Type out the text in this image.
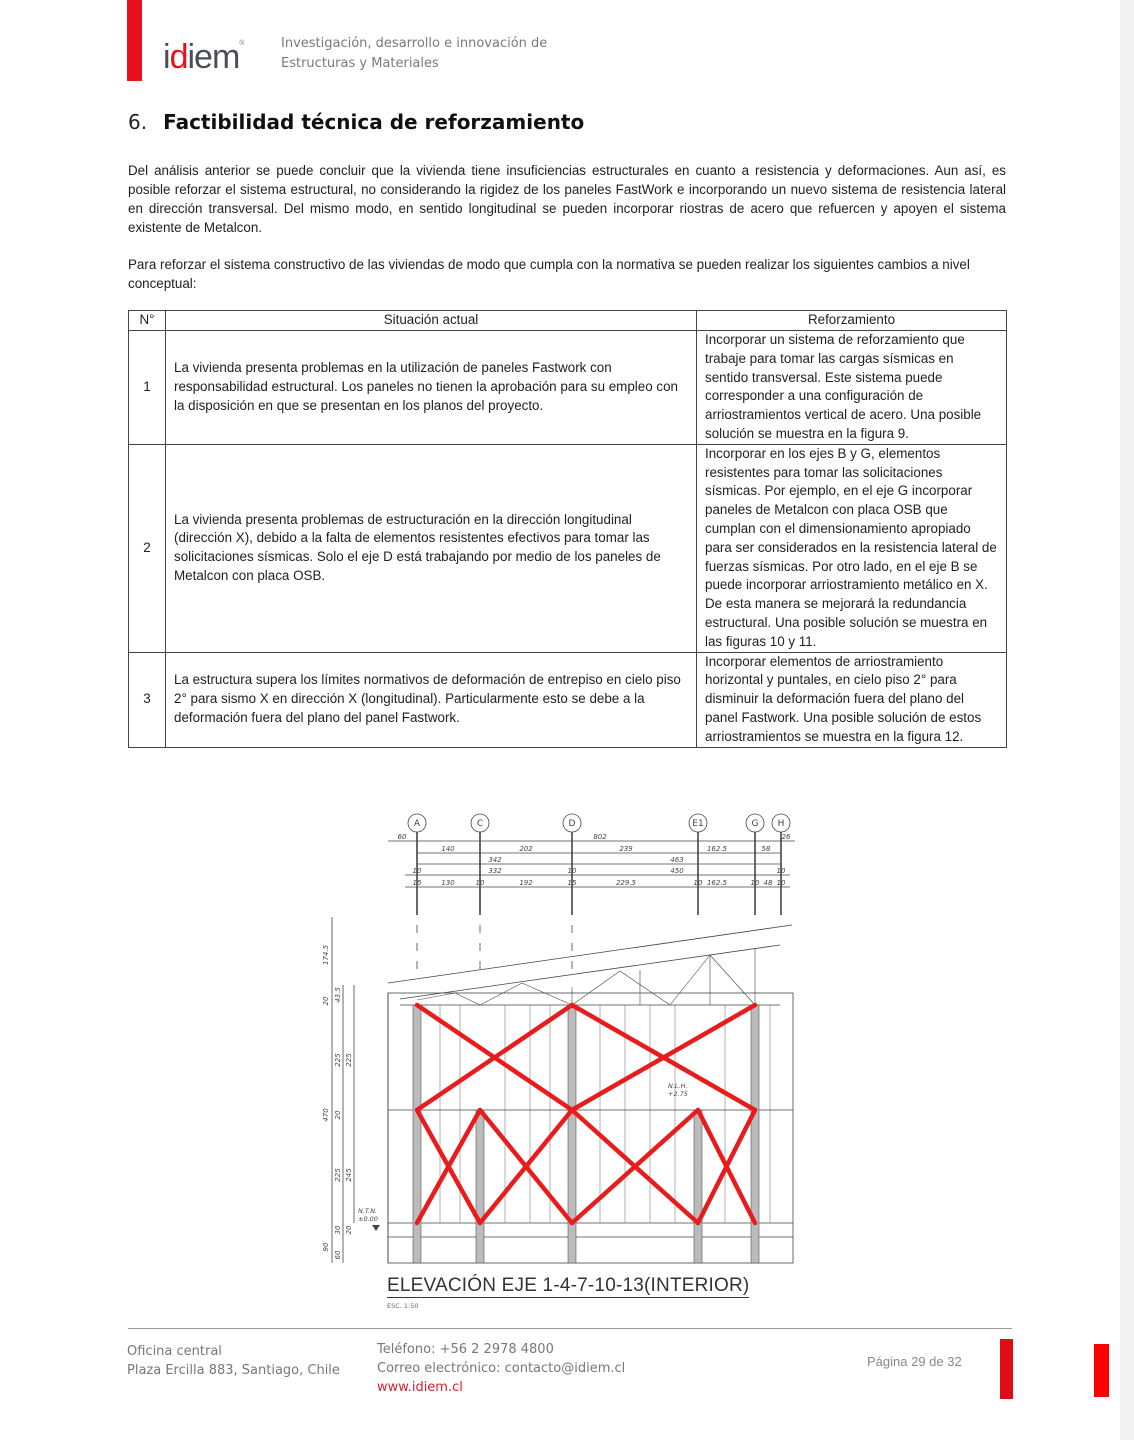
idiem®	Investigación, desarrollo e innovación de
Estructuras y Materiales
6. Factibilidad técnica de reforzamiento

Del análisis anterior se puede concluir que la vivienda tiene insuficiencias estructurales en cuanto a resistencia y deformaciones. Aun así, es posible reforzar el sistema estructural, no considerando la rigidez de los paneles FastWork e incorporando un nuevo sistema de resistencia lateral en dirección transversal. Del mismo modo, en sentido longitudinal se pueden incorporar riostras de acero que refuercen y apoyen el sistema existente de Metalcon.

Para reforzar el sistema constructivo de las viviendas de modo que cumpla con la normativa se pueden realizar los siguientes cambios a nivel conceptual:

N°	Situación actual	Reforzamiento
1	La vivienda presenta problemas en la utilización de paneles Fastwork con responsabilidad estructural. Los paneles no tienen la aprobación para su empleo con la disposición en que se presentan en los planos del proyecto.	Incorporar un sistema de reforzamiento que trabaje para tomar las cargas sísmicas en sentido transversal. Este sistema puede corresponder a una configuración de arriostramientos vertical de acero. Una posible solución se muestra en la figura 9.
2	La vivienda presenta problemas de estructuración en la dirección longitudinal (dirección X), debido a la falta de elementos resistentes efectivos para tomar las solicitaciones sísmicas. Solo el eje D está trabajando por medio de los paneles de Metalcon con placa OSB.	Incorporar en los ejes B y G, elementos resistentes para tomar las solicitaciones sísmicas. Por ejemplo, en el eje G incorporar paneles de Metalcon con placa OSB que cumplan con el dimensionamiento apropiado para ser considerados en la resistencia lateral de fuerzas sísmicas. Por otro lado, en el eje B se puede incorporar arriostramiento metálico en X. De esta manera se mejorará la redundancia estructural. Una posible solución se muestra en las figuras 10 y 11.
3	La estructura supera los límites normativos de deformación de entrepiso en cielo piso 2° para sismo X en dirección X (longitudinal). Particularmente esto se debe a la deformación fuera del plano del panel Fastwork.	Incorporar elementos de arriostramiento horizontal y puntales, en cielo piso 2° para disminuir la deformación fuera del plano del panel Fastwork. Una posible solución de estos arriostramientos se muestra en la figura 12.
A	C	D	E1	G H
60	802	26
140	202	239	162.5	58
342	463
10	332	10	450	10
15	130	10	192	15	229.5	10 162.5	10 48 10
174.5
20 43.5
225 225
470 20
225 245
90
30
60
20
N.T.N.
±0.00
N.L.H.
+2.75
ELEVACIÓN EJE 1-4-7-10-13(INTERIOR)
ESC. 1:50
Oficina central
Plaza Ercilla 883, Santiago, Chile
Teléfono: +56 2 2978 4800
Correo electrónico: contacto@idiem.cl
www.idiem.cl
Página 29 de 32
